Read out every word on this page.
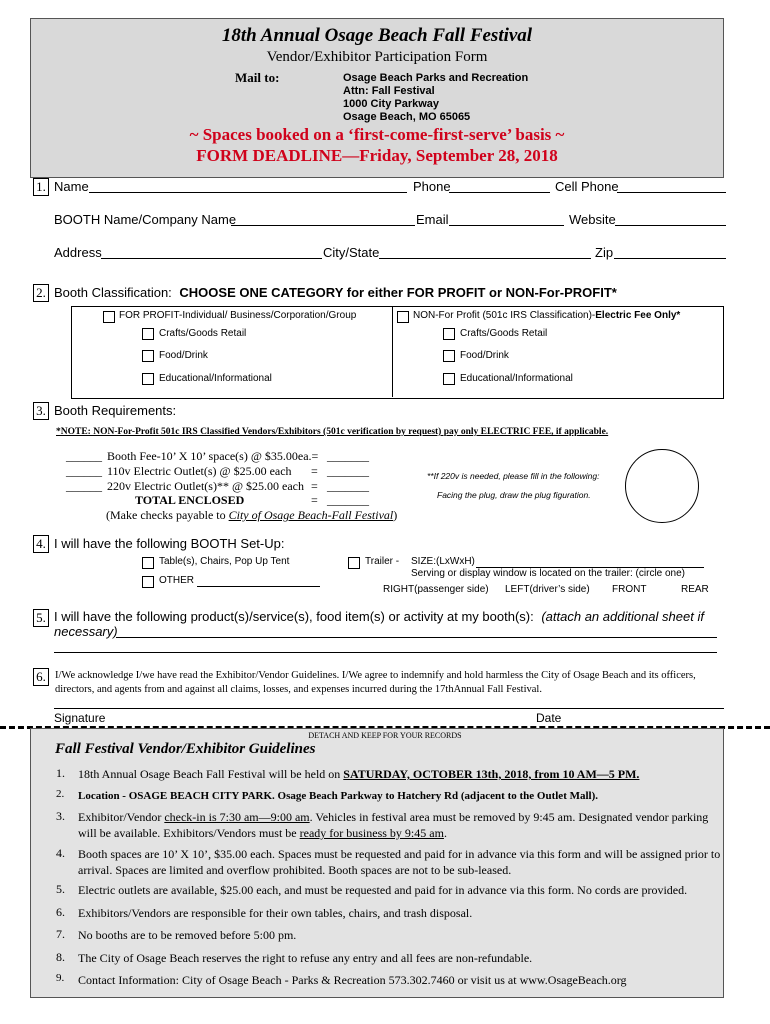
18th Annual Osage Beach Fall Festival
Vendor/Exhibitor Participation Form
Mail to:	Osage Beach Parks and Recreation
Attn: Fall Festival
1000 City Parkway
Osage Beach, MO 65065
~ Spaces booked on a ‘first-come-first-serve’ basis ~
FORM DEADLINE—Friday, September 28, 2018
1. Name	Phone	Cell Phone
BOOTH Name/Company Name	Email	Website
Address	City/State	Zip
2. Booth Classification: CHOOSE ONE CATEGORY for either FOR PROFIT or NON-For-PROFIT*
FOR PROFIT-Individual/ Business/Corporation/Group
Crafts/Goods Retail
Food/Drink
Educational/Informational
NON-For Profit (501c IRS Classification)-Electric Fee Only*
Crafts/Goods Retail
Food/Drink
Educational/Informational
3. Booth Requirements:
*NOTE: NON-For-Profit 501c IRS Classified Vendors/Exhibitors (501c verification by request) pay only ELECTRIC FEE, if applicable.
______ Booth Fee-10’ X 10’ space(s) @ $35.00ea.= _______
______ 110v Electric Outlet(s) @ $25.00 each = _______
______ 220v Electric Outlet(s)** @ $25.00 each = _______
TOTAL ENCLOSED	= _______
(Make checks payable to City of Osage Beach-Fall Festival)
**If 220v is needed, please fill in the following:
Facing the plug, draw the plug figuration.
4. I will have the following BOOTH Set-Up:
Table(s), Chairs, Pop Up Tent
OTHER
Trailer - SIZE:(LxWxH)
Serving or display window is located on the trailer: (circle one)
RIGHT(passenger side) LEFT(driver’s side) FRONT	REAR
5. I will have the following product(s)/service(s), food item(s) or activity at my booth(s): (attach an additional sheet if necessary)
6. I/We acknowledge I/we have read the Exhibitor/Vendor Guidelines. I/We agree to indemnify and hold harmless the City of Osage Beach and its officers, directors, and agents from and against all claims, losses, and expenses incurred during the 17thAnnual Fall Festival.
Signature	Date
DETACH AND KEEP FOR YOUR RECORDS
Fall Festival Vendor/Exhibitor Guidelines
1.	18th Annual Osage Beach Fall Festival will be held on SATURDAY, OCTOBER 13th, 2018, from 10 AM—5 PM.
2.	Location - OSAGE BEACH CITY PARK. Osage Beach Parkway to Hatchery Rd (adjacent to the Outlet Mall).
3.	Exhibitor/Vendor check-in is 7:30 am—9:00 am. Vehicles in festival area must be removed by 9:45 am. Designated vendor parking will be available. Exhibitors/Vendors must be ready for business by 9:45 am.
4.	Booth spaces are 10’ X 10’, $35.00 each. Spaces must be requested and paid for in advance via this form and will be assigned prior to arrival. Spaces are limited and overflow prohibited. Booth spaces are not to be sub-leased.
5.	Electric outlets are available, $25.00 each, and must be requested and paid for in advance via this form. No cords are provided.
6.	Exhibitors/Vendors are responsible for their own tables, chairs, and trash disposal.
7.	No booths are to be removed before 5:00 pm.
8.	The City of Osage Beach reserves the right to refuse any entry and all fees are non-refundable.
9.	Contact Information: City of Osage Beach - Parks & Recreation 573.302.7460 or visit us at www.OsageBeach.org
